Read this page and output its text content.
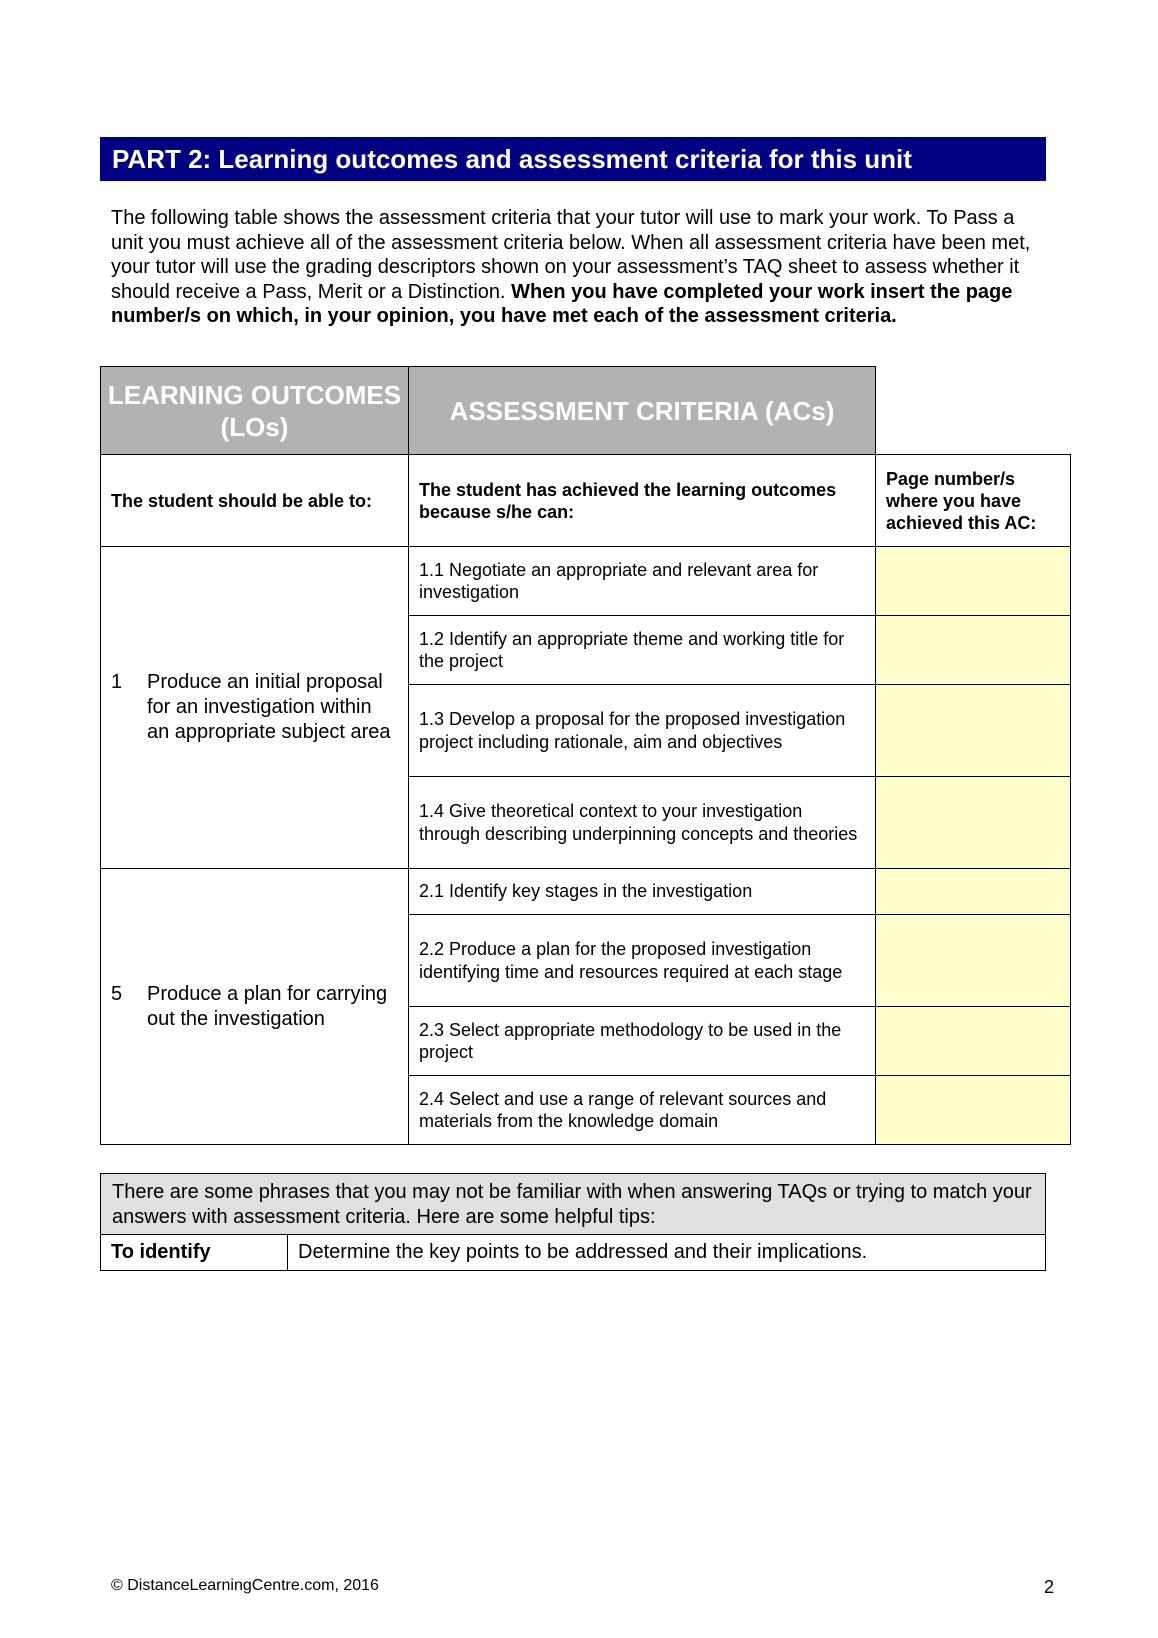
PART 2: Learning outcomes and assessment criteria for this unit
The following table shows the assessment criteria that your tutor will use to mark your work. To Pass a unit you must achieve all of the assessment criteria below. When all assessment criteria have been met, your tutor will use the grading descriptors shown on your assessment’s TAQ sheet to assess whether it should receive a Pass, Merit or a Distinction. When you have completed your work insert the page number/s on which, in your opinion, you have met each of the assessment criteria.
LEARNING OUTCOMES (LOs)	ASSESSMENT CRITERIA (ACs)	
The student should be able to:	The student has achieved the learning outcomes because s/he can:	Page number/s where you have achieved this AC:

1 Produce an initial proposal for an investigation within an appropriate subject area	1.1 Negotiate an appropriate and relevant area for investigation	
	1.2 Identify an appropriate theme and working title for the project	
	1.3 Develop a proposal for the proposed investigation project including rationale, aim and objectives	
	1.4 Give theoretical context to your investigation through describing underpinning concepts and theories	

5 Produce a plan for carrying out the investigation	2.1 Identify key stages in the investigation	
	2.2 Produce a plan for the proposed investigation identifying time and resources required at each stage	
	2.3 Select appropriate methodology to be used in the project	
	2.4 Select and use a range of relevant sources and materials from the knowledge domain	
There are some phrases that you may not be familiar with when answering TAQs or trying to match your answers with assessment criteria. Here are some helpful tips:
To identify	Determine the key points to be addressed and their implications.
© DistanceLearningCentre.com, 2016	2
